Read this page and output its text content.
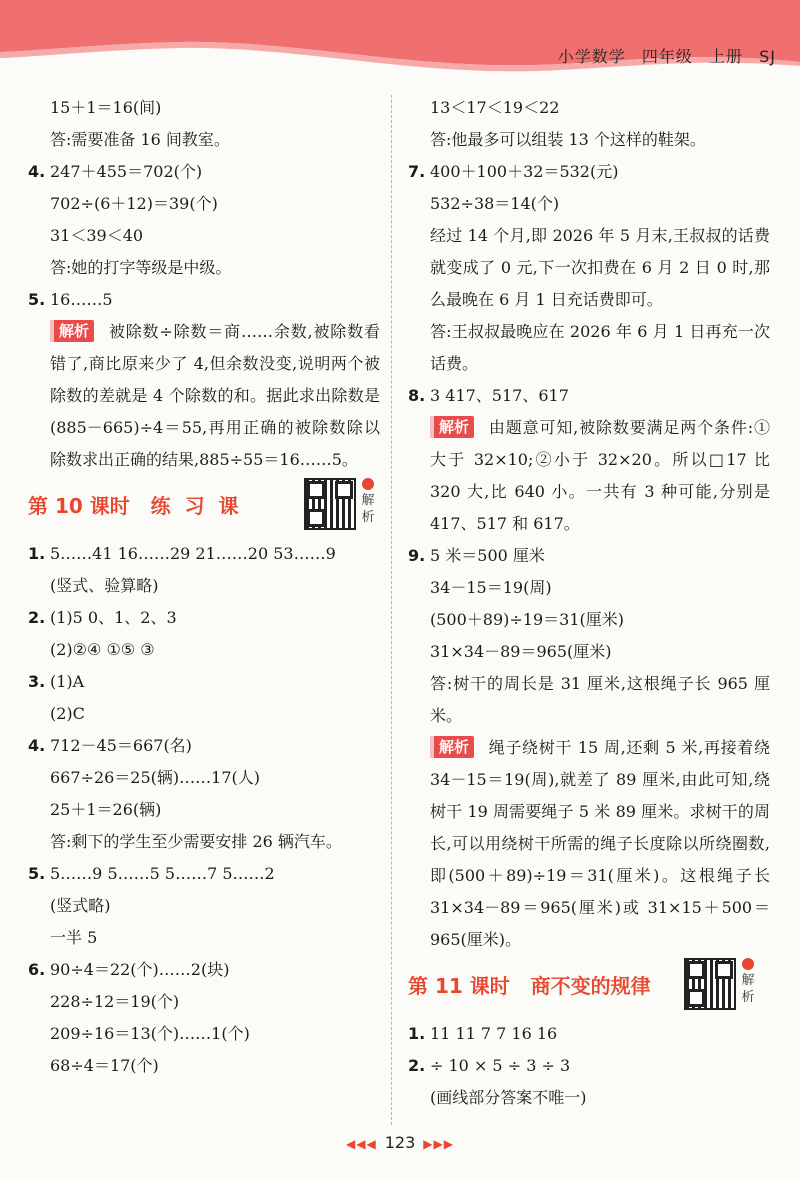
小学数学 四年级 上册 SJ
15＋1＝16(间)
答:需要准备 16 间教室。
4. 247＋455＝702(个)
702÷(6＋12)＝39(个)
31＜39＜40
答:她的打字等级是中级。
5. 16……5
解析 被除数÷除数＝商……余数,被除数看错了,商比原来少了 4,但余数没变,说明两个被除数的差就是 4 个除数的和。据此求出除数是(885－665)÷4＝55,再用正确的被除数除以除数求出正确的结果,885÷55＝16……5。
第 10 课时   练  习  课	解析
1. 5……41 16……29 21……20 53……9
(竖式、验算略)
2. (1)5 0、1、2、3
(2)②④ ①⑤ ③
3. (1)A
(2)C
4. 712－45＝667(名)
667÷26＝25(辆)……17(人)
25＋1＝26(辆)
答:剩下的学生至少需要安排 26 辆汽车。
5. 5……9 5……5 5……7 5……2
(竖式略)
一半 5
6. 90÷4＝22(个)……2(块)
228÷12＝19(个)
209÷16＝13(个)……1(个)
68÷4＝17(个)
13＜17＜19＜22
答:他最多可以组装 13 个这样的鞋架。
7. 400＋100＋32＝532(元)
532÷38＝14(个)
经过 14 个月,即 2026 年 5 月末,王叔叔的话费就变成了 0 元,下一次扣费在 6 月 2 日 0 时,那么最晚在 6 月 1 日充话费即可。
答:王叔叔最晚应在 2026 年 6 月 1 日再充一次话费。
8. 3 417、517、617
解析 由题意可知,被除数要满足两个条件:①大于 32×10;②小于 32×20。所以□17 比 320 大,比 640 小。一共有 3 种可能,分别是 417、517 和 617。
9. 5 米＝500 厘米
34－15＝19(周)
(500＋89)÷19＝31(厘米)
31×34－89＝965(厘米)
答:树干的周长是 31 厘米,这根绳子长 965 厘米。
解析 绳子绕树干 15 周,还剩 5 米,再接着绕 34－15＝19(周),就差了 89 厘米,由此可知,绕树干 19 周需要绳子 5 米 89 厘米。求树干的周长,可以用绕树干所需的绳子长度除以所绕圈数,即(500＋89)÷19＝31(厘米)。这根绳子长 31×34－89＝965(厘米)或 31×15＋500＝965(厘米)。
第 11 课时   商不变的规律	解析
1. 11 11 7 7 16 16
2. ÷ 10 × 5 ÷ 3 ÷ 3
(画线部分答案不唯一)
◀◀◀ 123 ▶▶▶
